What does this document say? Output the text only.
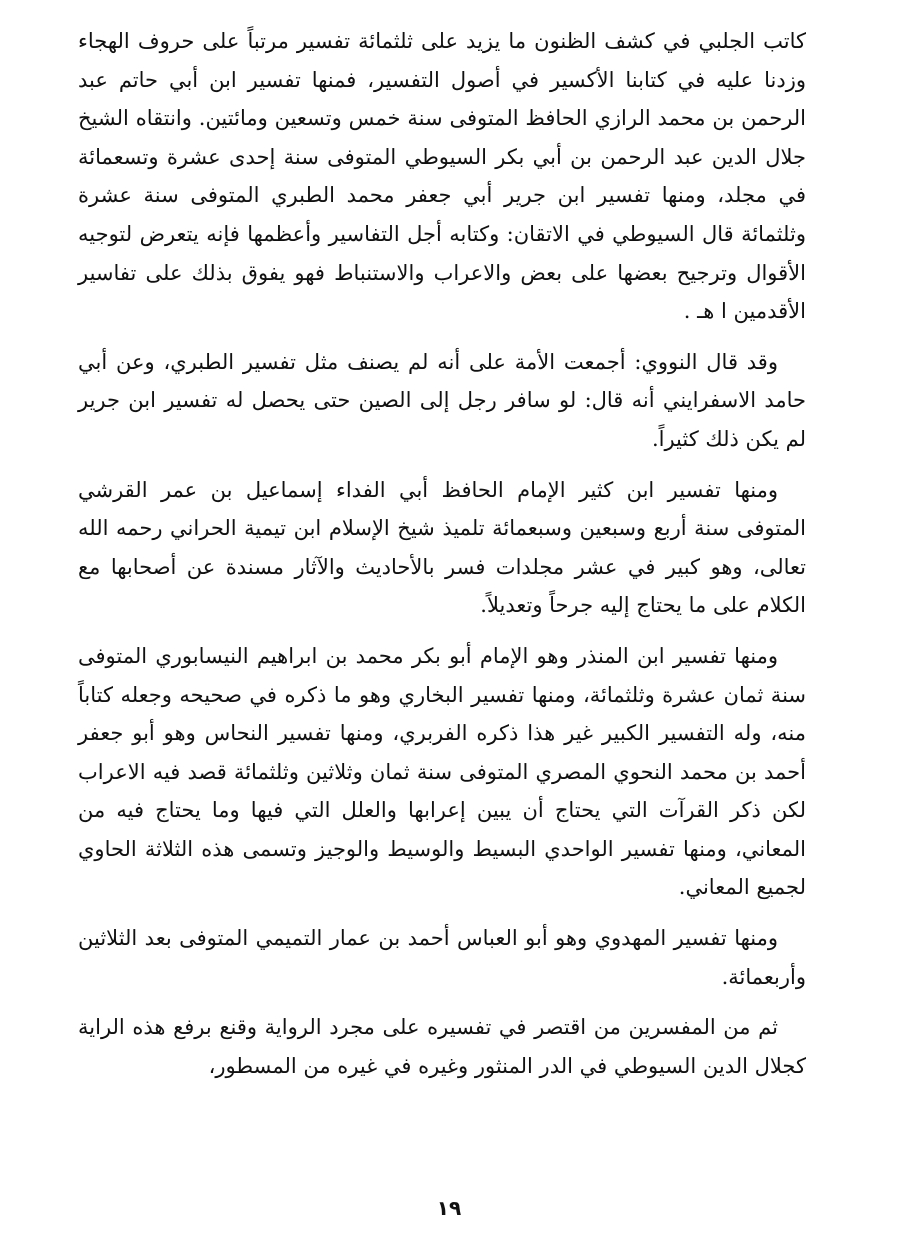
كاتب الجلبي في كشف الظنون ما يزيد على ثلثمائة تفسير مرتباً على حروف الهجاء وزدنا عليه في كتابنا الأكسير في أصول التفسير، فمنها تفسير ابن أبي حاتم عبد الرحمن بن محمد الرازي الحافظ المتوفى سنة خمس وتسعين ومائتين. وانتقاه الشيخ جلال الدين عبد الرحمن بن أبي بكر السيوطي المتوفى سنة إحدى عشرة وتسعمائة في مجلد، ومنها تفسير ابن جرير أبي جعفر محمد الطبري المتوفى سنة عشرة وثلثمائة قال السيوطي في الاتقان: وكتابه أجل التفاسير وأعظمها فإنه يتعرض لتوجيه الأقوال وترجيح بعضها على بعض والاعراب والاستنباط فهو يفوق بذلك على تفاسير الأقدمين ا هـ .

وقد قال النووي: أجمعت الأمة على أنه لم يصنف مثل تفسير الطبري، وعن أبي حامد الاسفرايني أنه قال: لو سافر رجل إلى الصين حتى يحصل له تفسير ابن جرير لم يكن ذلك كثيراً.

ومنها تفسير ابن كثير الإمام الحافظ أبي الفداء إسماعيل بن عمر القرشي المتوفى سنة أربع وسبعين وسبعمائة تلميذ شيخ الإسلام ابن تيمية الحراني رحمه الله تعالى، وهو كبير في عشر مجلدات فسر بالأحاديث والآثار مسندة عن أصحابها مع الكلام على ما يحتاج إليه جرحاً وتعديلاً.

ومنها تفسير ابن المنذر وهو الإمام أبو بكر محمد بن ابراهيم النيسابوري المتوفى سنة ثمان عشرة وثلثمائة، ومنها تفسير البخاري وهو ما ذكره في صحيحه وجعله كتاباً منه، وله التفسير الكبير غير هذا ذكره الفربري، ومنها تفسير النحاس وهو أبو جعفر أحمد بن محمد النحوي المصري المتوفى سنة ثمان وثلاثين وثلثمائة قصد فيه الاعراب لكن ذكر القرآت التي يحتاج أن يبين إعرابها والعلل التي فيها وما يحتاج فيه من المعاني، ومنها تفسير الواحدي البسيط والوسيط والوجيز وتسمى هذه الثلاثة الحاوي لجميع المعاني.

ومنها تفسير المهدوي وهو أبو العباس أحمد بن عمار التميمي المتوفى بعد الثلاثين وأربعمائة.

ثم من المفسرين من اقتصر في تفسيره على مجرد الرواية وقنع برفع هذه الراية كجلال الدين السيوطي في الدر المنثور وغيره في غيره من المسطور،

١٩
